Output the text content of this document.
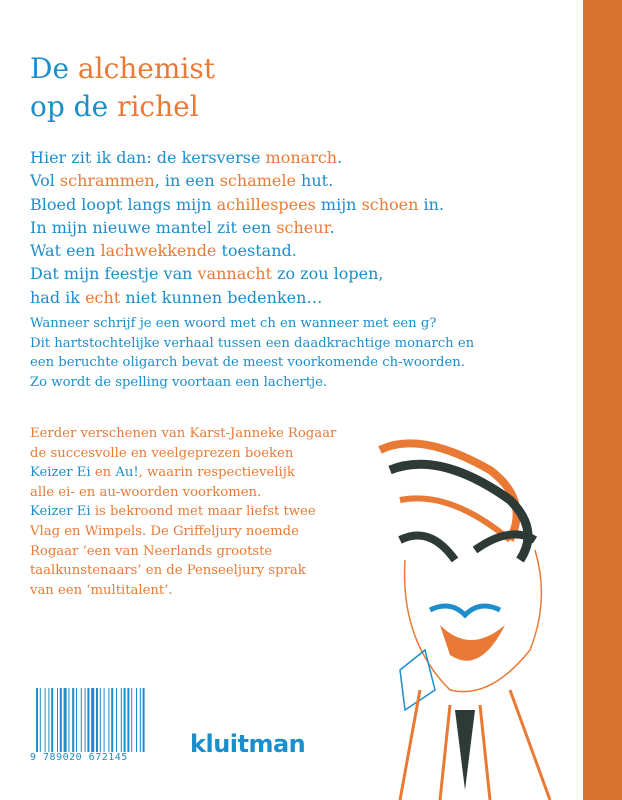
De alchemist
op de richel
Hier zit ik dan: de kersverse monarch.
Vol schrammen, in een schamele hut.
Bloed loopt langs mijn achillespees mijn schoen in.
In mijn nieuwe mantel zit een scheur.
Wat een lachwekkende toestand.
Dat mijn feestje van vannacht zo zou lopen,
had ik echt niet kunnen bedenken…
Wanneer schrijf je een woord met ch en wanneer met een g?
Dit hartstochtelijke verhaal tussen een daadkrachtige monarch en
een beruchte oligarch bevat de meest voorkomende ch-woorden.
Zo wordt de spelling voortaan een lachertje.
Eerder verschenen van Karst-Janneke Rogaar
de succesvolle en veelgeprezen boeken
Keizer Ei en Au!, waarin respectievelijk
alle ei- en au-woorden voorkomen.
Keizer Ei is bekroond met maar liefst twee
Vlag en Wimpels. De Griffeljury noemde
Rogaar ‘een van Neerlands grootste
taalkunstenaars’ en de Penseeljury sprak
van een ‘multitalent’.
9 789020 672145	kluitman
